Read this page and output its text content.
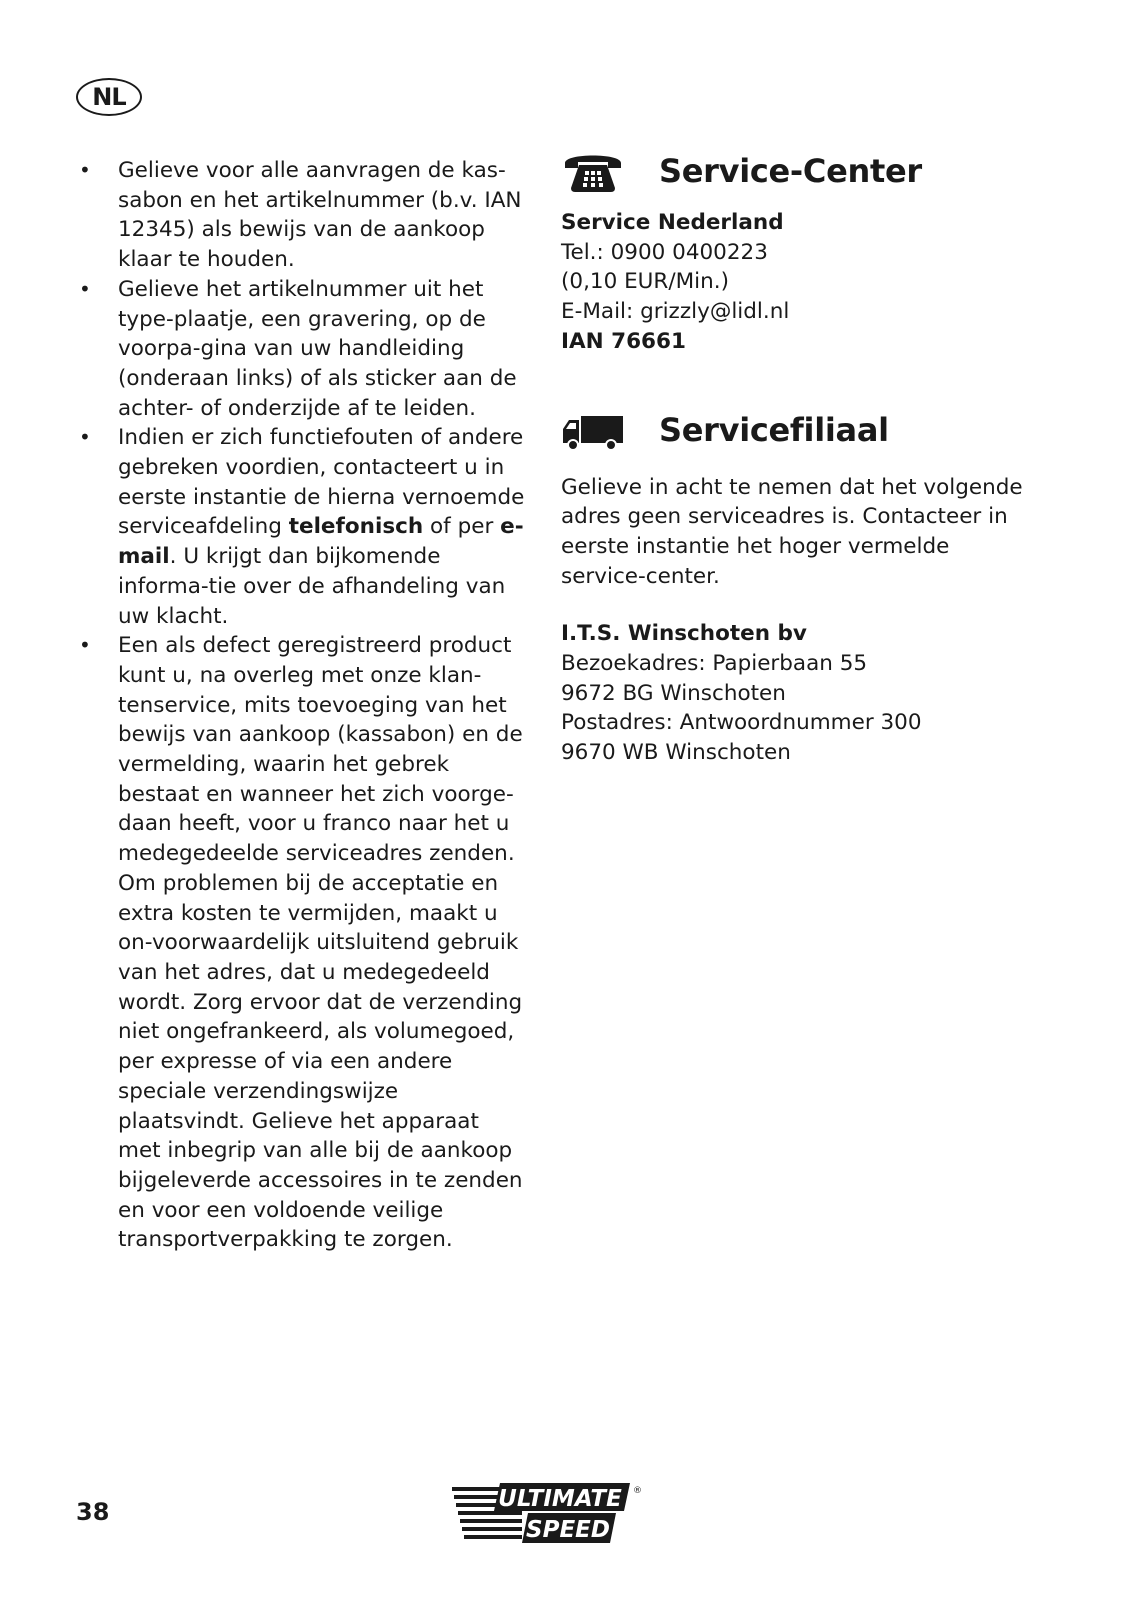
NL
• Gelieve voor alle aanvragen de kas-sabon en het artikelnummer (b.v. IAN 12345) als bewijs van de aankoop klaar te houden.
• Gelieve het artikelnummer uit het type-plaatje, een gravering, op de voorpa-gina van uw handleiding (onderaan links) of als sticker aan de achter- of onderzijde af te leiden.
• Indien er zich functiefouten of andere gebreken voordien, contacteert u in eerste instantie de hierna vernoemde serviceafdeling telefonisch of per e-mail. U krijgt dan bijkomende informa-tie over de afhandeling van uw klacht.
• Een als defect geregistreerd product kunt u, na overleg met onze klan-tenservice, mits toevoeging van het bewijs van aankoop (kassabon) en de vermelding, waarin het gebrek bestaat en wanneer het zich voorge-daan heeft, voor u franco naar het u medegedeelde serviceadres zenden. Om problemen bij de acceptatie en extra kosten te vermijden, maakt u on-voorwaardelijk uitsluitend gebruik van het adres, dat u medegedeeld wordt. Zorg ervoor dat de verzending niet ongefrankeerd, als volumegoed, per expresse of via een andere speciale verzendingswijze plaatsvindt. Gelieve het apparaat met inbegrip van alle bij de aankoop bijgeleverde accessoires in te zenden en voor een voldoende veilige transportverpakking te zorgen.
Service-Center
Service Nederland
Tel.: 0900 0400223
(0,10 EUR/Min.)
E-Mail: grizzly@lidl.nl
IAN 76661
Servicefiliaal
Gelieve in acht te nemen dat het volgende adres geen serviceadres is. Contacteer in eerste instantie het hoger vermelde service-center.
I.T.S. Winschoten bv
Bezoekadres: Papierbaan 55
9672 BG Winschoten
Postadres: Antwoordnummer 300
9670 WB Winschoten
38	ULTIMATE
SPEED
®
